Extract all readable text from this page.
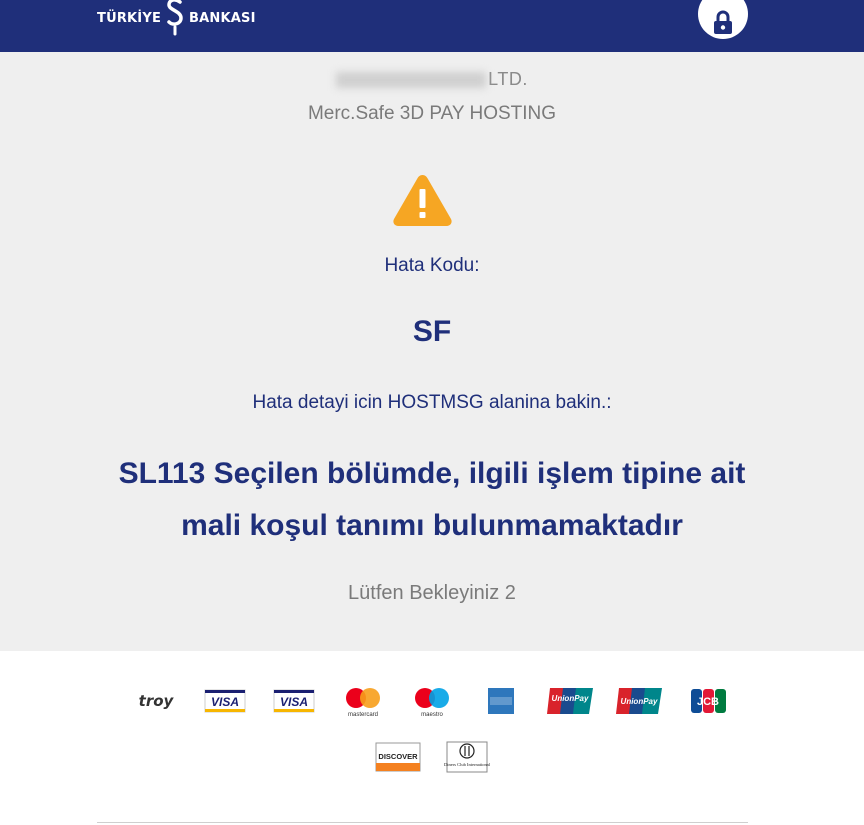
TÜRKİYE BANKASI
LTD.
Merc.Safe 3D PAY HOSTING
Hata Kodu:
SF
Hata detayi icin HOSTMSG alanina bakin.:
SL113 Seçilen bölümde, ilgili işlem tipine ait mali koşul tanımı bulunmamaktadır
Lütfen Bekleyiniz 2
troy	VISA	VISA
mastercard	maestro
UnionPay	UnionPay	JCB
DISCOVER
Diners Club International
